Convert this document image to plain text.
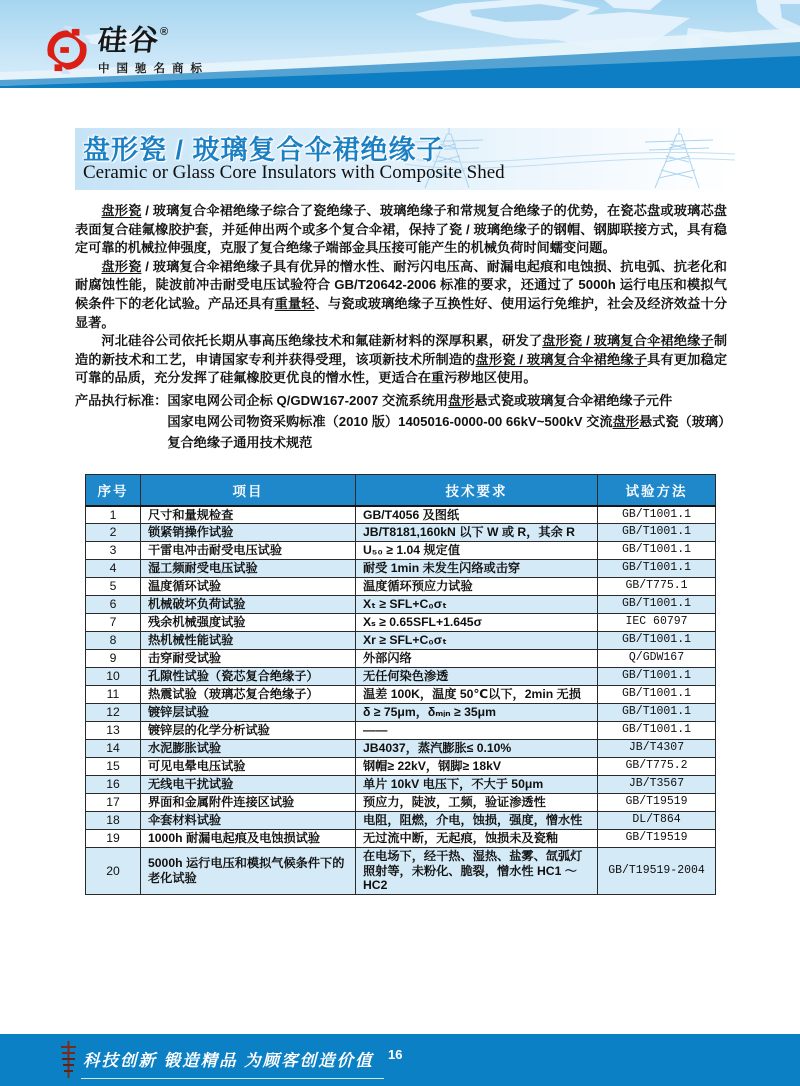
硅谷®
中国驰名商标
盘形瓷 / 玻璃复合伞裙绝缘子
Ceramic or Glass Core Insulators with Composite Shed

盘形瓷 / 玻璃复合伞裙绝缘子综合了瓷绝缘子、玻璃绝缘子和常规复合绝缘子的优势，在瓷芯盘或玻璃芯盘表面复合硅氟橡胶护套，并延伸出两个或多个复合伞裙，保持了瓷 / 玻璃绝缘子的钢帽、钢脚联接方式，具有稳定可靠的机械拉伸强度，克服了复合绝缘子端部金具压接可能产生的机械负荷时间蠕变问题。

盘形瓷 / 玻璃复合伞裙绝缘子具有优异的憎水性、耐污闪电压高、耐漏电起痕和电蚀损、抗电弧、抗老化和耐腐蚀性能，陡波前冲击耐受电压试验符合 GB/T20642-2006 标准的要求，还通过了 5000h 运行电压和模拟气候条件下的老化试验。产品还具有重量轻、与瓷或玻璃绝缘子互换性好、使用运行免维护，社会及经济效益十分显著。

河北硅谷公司依托长期从事高压绝缘技术和氟硅新材料的深厚积累，研发了盘形瓷 / 玻璃复合伞裙绝缘子制造的新技术和工艺，申请国家专利并获得受理，该项新技术所制造的盘形瓷 / 玻璃复合伞裙绝缘子具有更加稳定可靠的品质，充分发挥了硅氟橡胶更优良的憎水性，更适合在重污秽地区使用。

产品执行标准： 国家电网公司企标 Q/GDW167-2007 交流系统用盘形悬式瓷或玻璃复合伞裙绝缘子元件
国家电网公司物资采购标准（2010 版）1405016-0000-00 66kV~500kV 交流盘形悬式瓷（玻璃）
复合绝缘子通用技术规范
序号	项目	技术要求	试验方法
1	尺寸和量规检查	GB/T4056 及图纸	GB/T1001.1
2	锁紧销操作试验	JB/T8181,160kN 以下 W 或 R，其余 R	GB/T1001.1
3	干雷电冲击耐受电压试验	U₅₀ ≥ 1.04 规定值	GB/T1001.1
4	湿工频耐受电压试验	耐受 1min 未发生闪络或击穿	GB/T1001.1
5	温度循环试验	温度循环预应力试验	GB/T775.1
6	机械破坏负荷试验	Xₜ ≥ SFL+C₀σₜ	GB/T1001.1
7	残余机械强度试验	Xₛ ≥ 0.65SFL+1.645σ	IEC 60797
8	热机械性能试验	Xr ≥ SFL+C₀σₜ	GB/T1001.1
9	击穿耐受试验	外部闪络	Q/GDW167
10	孔隙性试验（瓷芯复合绝缘子）	无任何染色渗透	GB/T1001.1
11	热震试验（玻璃芯复合绝缘子）	温差 100K，温度 50℃以下，2min 无损	GB/T1001.1
12	镀锌层试验	δ ≥ 75μm，δₘᵢₙ ≥ 35μm	GB/T1001.1
13	镀锌层的化学分析试验	——	GB/T1001.1
14	水泥膨胀试验	JB4037，蒸汽膨胀≤ 0.10%	JB/T4307
15	可见电晕电压试验	钢帽≥ 22kV，钢脚≥ 18kV	GB/T775.2
16	无线电干扰试验	单片 10kV 电压下，不大于 50μm	JB/T3567
17	界面和金属附件连接区试验	预应力，陡波，工频，验证渗透性	GB/T19519
18	伞套材料试验	电阻，阻燃，介电，蚀损，强度，憎水性	DL/T864
19	1000h 耐漏电起痕及电蚀损试验	无过流中断，无起痕，蚀损未及瓷釉	GB/T19519
20	5000h 运行电压和模拟气候条件下的老化试验	在电场下，经干热、湿热、盐雾、氙弧灯照射等，未粉化、脆裂，憎水性 HC1 ～ HC2	GB/T19519-2004
科技创新 锻造精品 为顾客创造价值	16
